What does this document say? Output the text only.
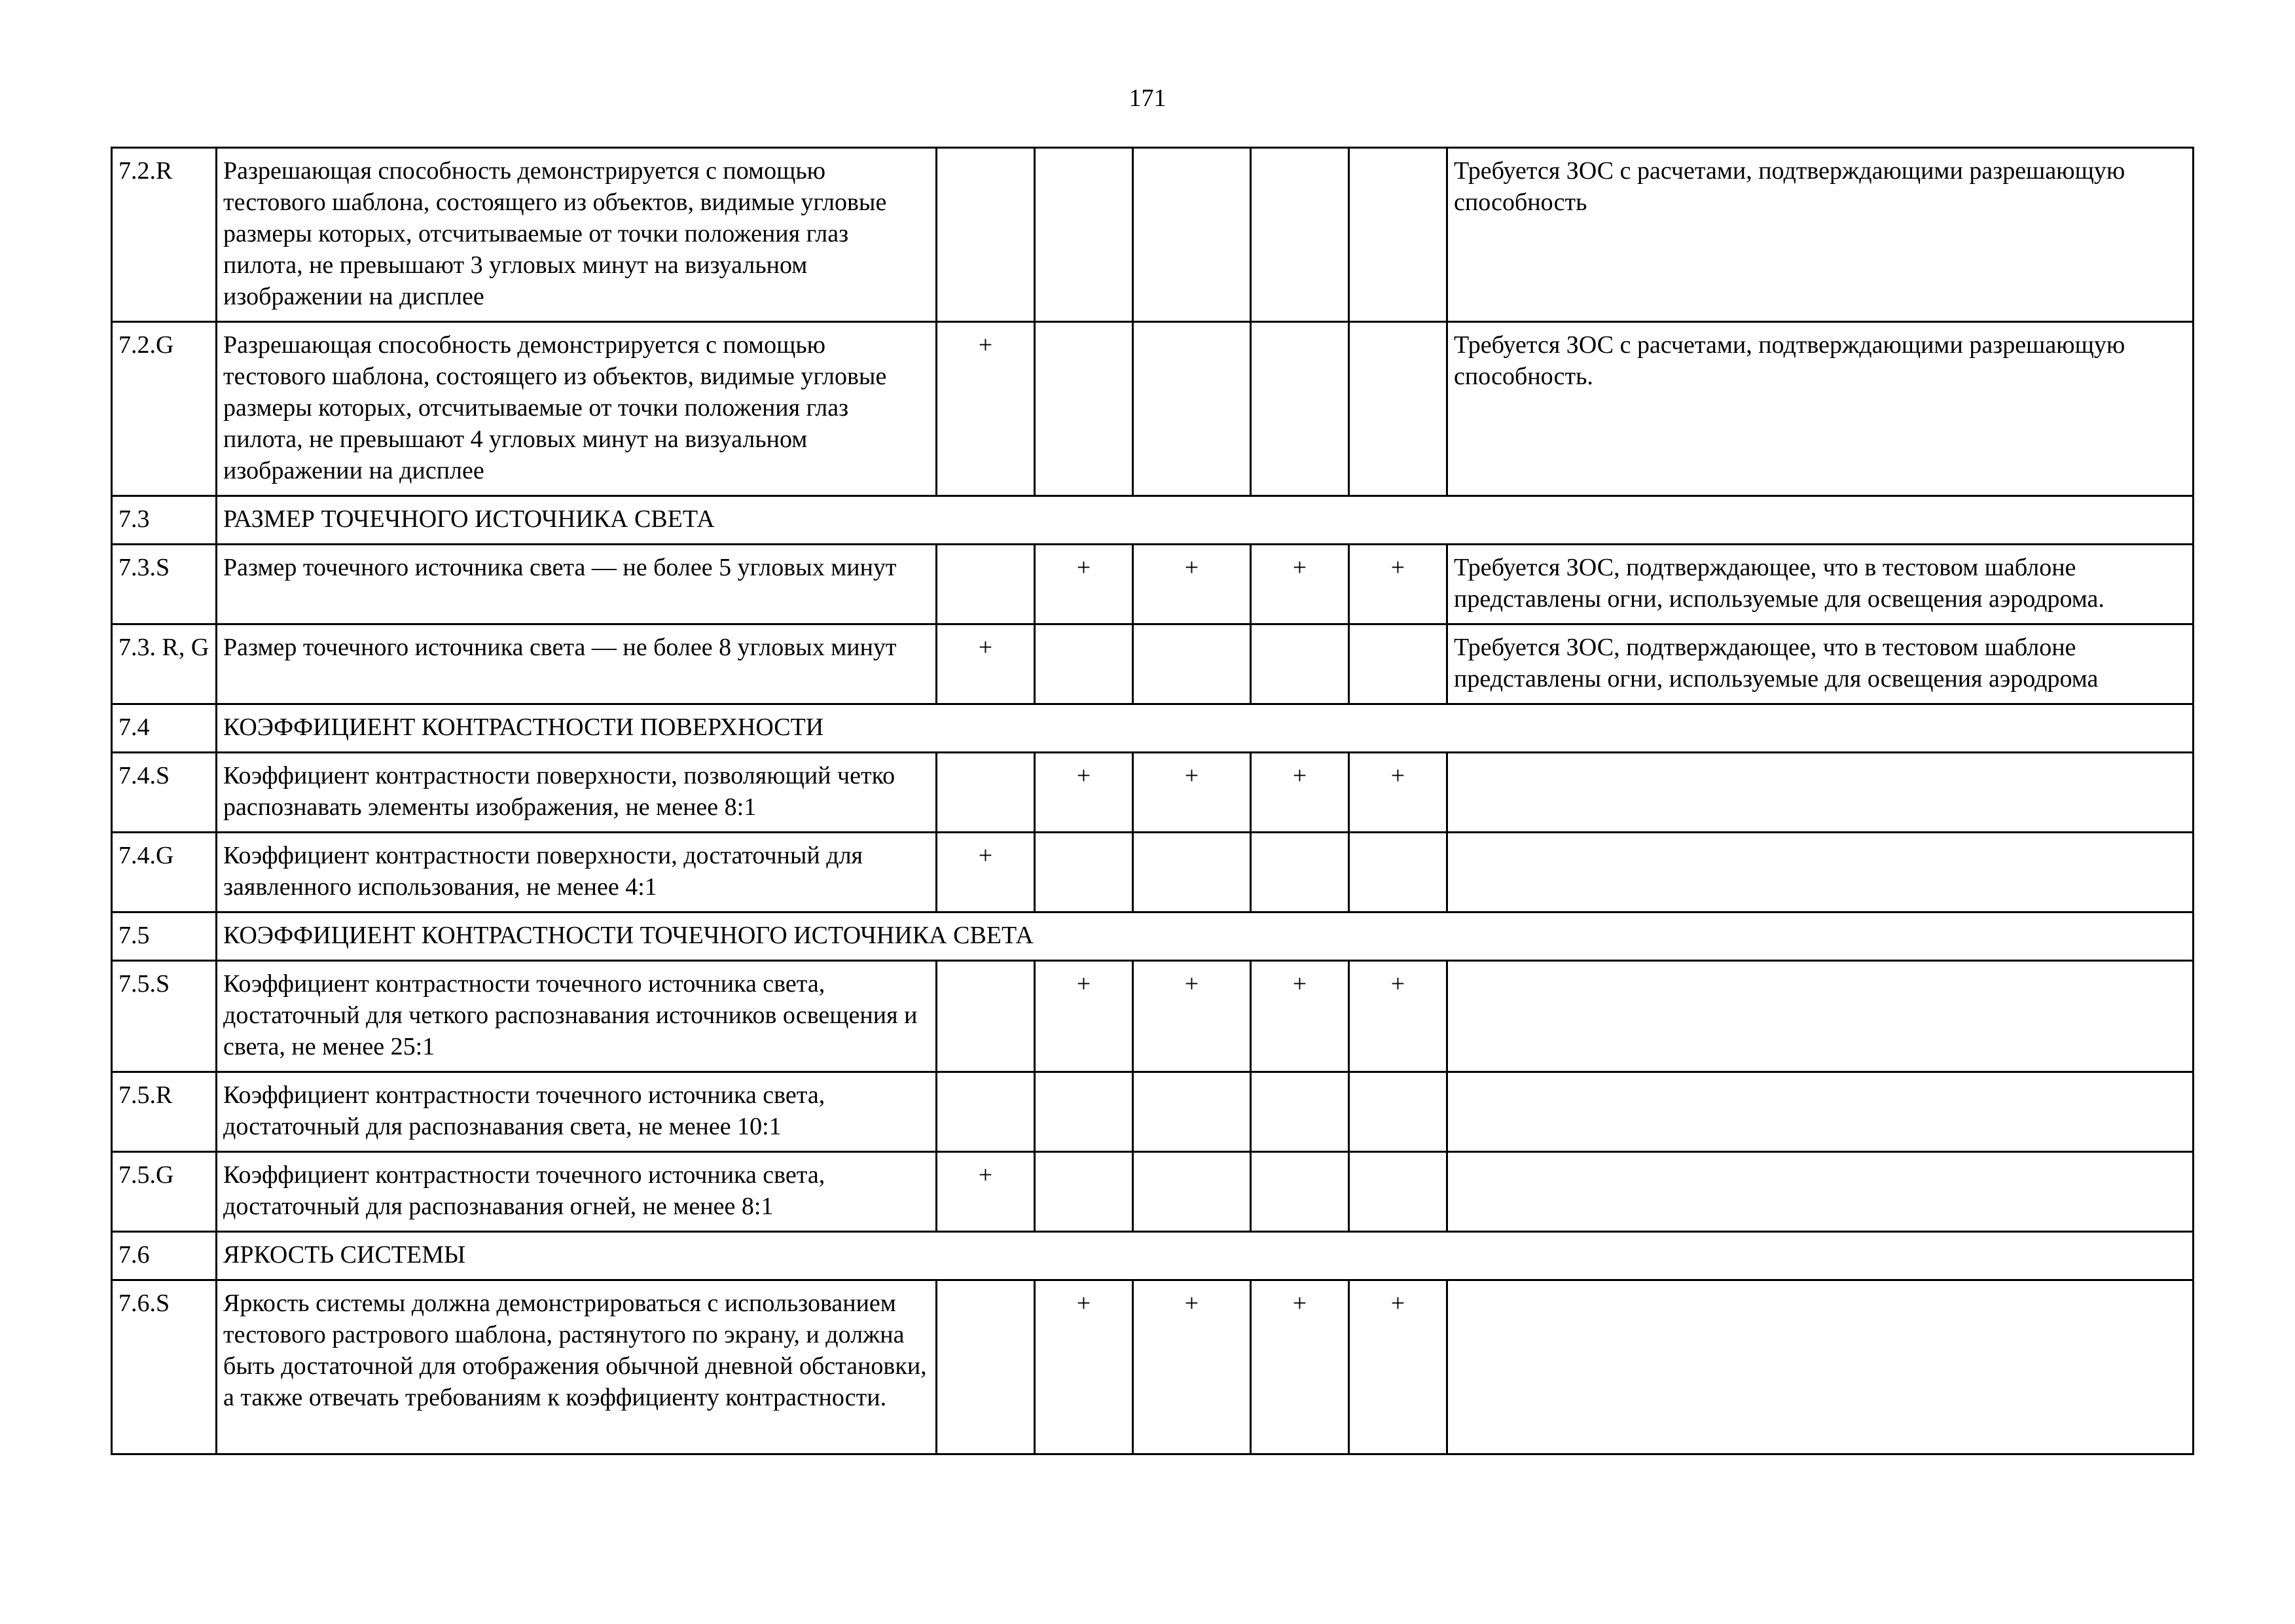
171
7.2.R	Разрешающая способность демонстрируется с помощью тестового шаблона, состоящего из объектов, видимые угловые размеры которых, отсчитываемые от точки положения глаз пилота, не превышают 3 угловых минут на визуальном изображении на дисплее						Требуется ЗОС с расчетами, подтверждающими разрешающую способность
7.2.G	Разрешающая способность демонстрируется с помощью тестового шаблона, состоящего из объектов, видимые угловые размеры которых, отсчитываемые от точки положения глаз пилота, не превышают 4 угловых минут на визуальном изображении на дисплее	+					Требуется ЗОС с расчетами, подтверждающими разрешающую способность.
7.3	РАЗМЕР ТОЧЕЧНОГО ИСТОЧНИКА СВЕТА						
7.3.S	Размер точечного источника света — не более 5 угловых минут		+	+	+	+	Требуется ЗОС, подтверждающее, что в тестовом шаблоне представлены огни, используемые для освещения аэродрома.
7.3. R, G	Размер точечного источника света — не более 8 угловых минут	+					Требуется ЗОС, подтверждающее, что в тестовом шаблоне представлены огни, используемые для освещения аэродрома
7.4	КОЭФФИЦИЕНТ КОНТРАСТНОСТИ ПОВЕРХНОСТИ						
7.4.S	Коэффициент контрастности поверхности, позволяющий четко распознавать элементы изображения, не менее 8:1		+	+	+	+	
7.4.G	Коэффициент контрастности поверхности, достаточный для заявленного использования, не менее 4:1	+					
7.5	КОЭФФИЦИЕНТ КОНТРАСТНОСТИ ТОЧЕЧНОГО ИСТОЧНИКА СВЕТА						
7.5.S	Коэффициент контрастности точечного источника света, достаточный для четкого распознавания источников освещения и света, не менее 25:1		+	+	+	+	
7.5.R	Коэффициент контрастности точечного источника света, достаточный для распознавания света, не менее 10:1						
7.5.G	Коэффициент контрастности точечного источника света, достаточный для распознавания огней, не менее 8:1	+					
7.6	ЯРКОСТЬ СИСТЕМЫ						
7.6.S	Яркость системы должна демонстрироваться с использованием тестового растрового шаблона, растянутого по экрану, и должна быть достаточной для отображения обычной дневной обстановки, а также отвечать требованиям к коэффициенту контрастности.		+	+	+	+	
